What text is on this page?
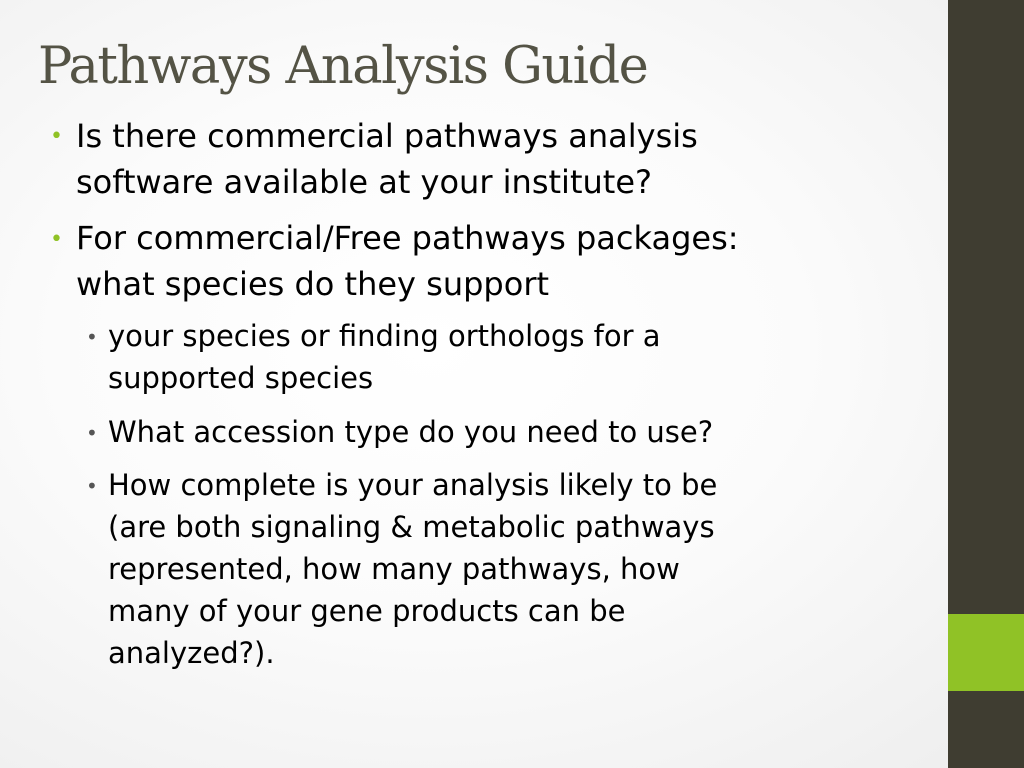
Pathways Analysis Guide
• Is there commercial pathways analysis
software available at your institute?
• For commercial/Free pathways packages:
what species do they support
• your species or finding orthologs for a
supported species
• What accession type do you need to use?
• How complete is your analysis likely to be
(are both signaling & metabolic pathways
represented, how many pathways, how
many of your gene products can be
analyzed?).
